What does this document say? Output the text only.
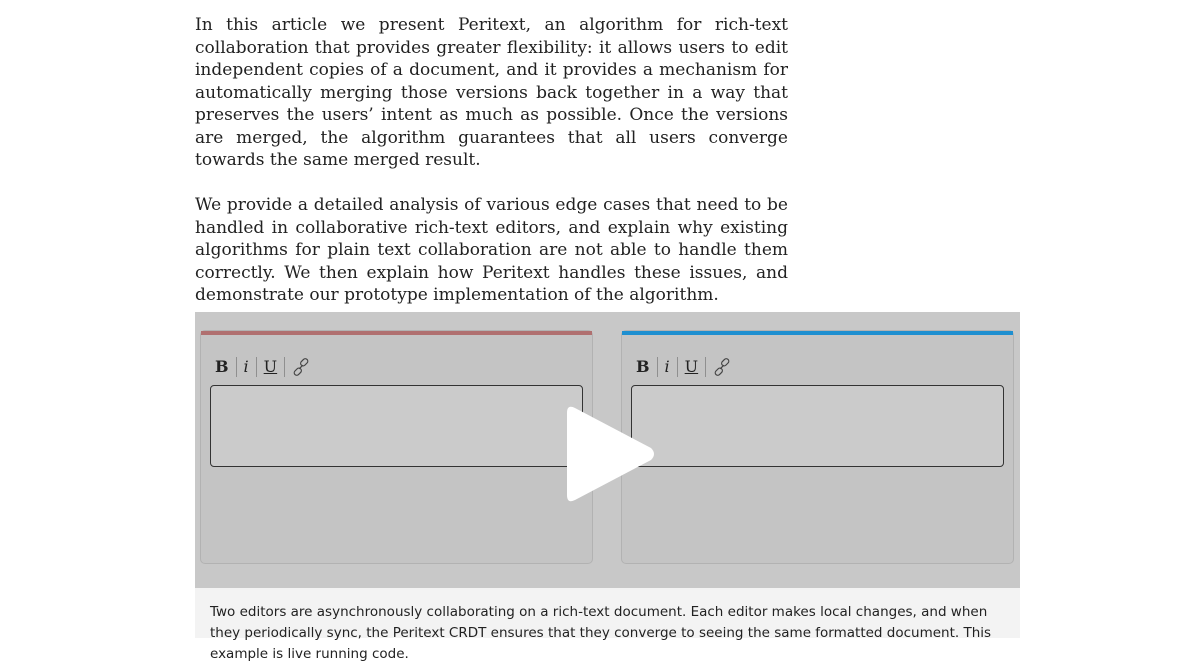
In this article we present Peritext, an algorithm for rich-text collaboration that provides greater flexibility: it allows users to edit independent copies of a document, and it provides a mechanism for automatically merging those versions back together in a way that preserves the users’ intent as much as possible. Once the versions are merged, the algorithm guarantees that all users converge towards the same merged result.

We provide a detailed analysis of various edge cases that need to be handled in collaborative rich-text editors, and explain why existing algorithms for plain text collaboration are not able to handle them correctly. We then explain how Peritext handles these issues, and demonstrate our prototype implementation of the algorithm.

B i U	B i U

Two editors are asynchronously collaborating on a rich-text document. Each editor makes local changes, and when they periodically sync, the Peritext CRDT ensures that they converge to seeing the same formatted document. This example is live running code.
